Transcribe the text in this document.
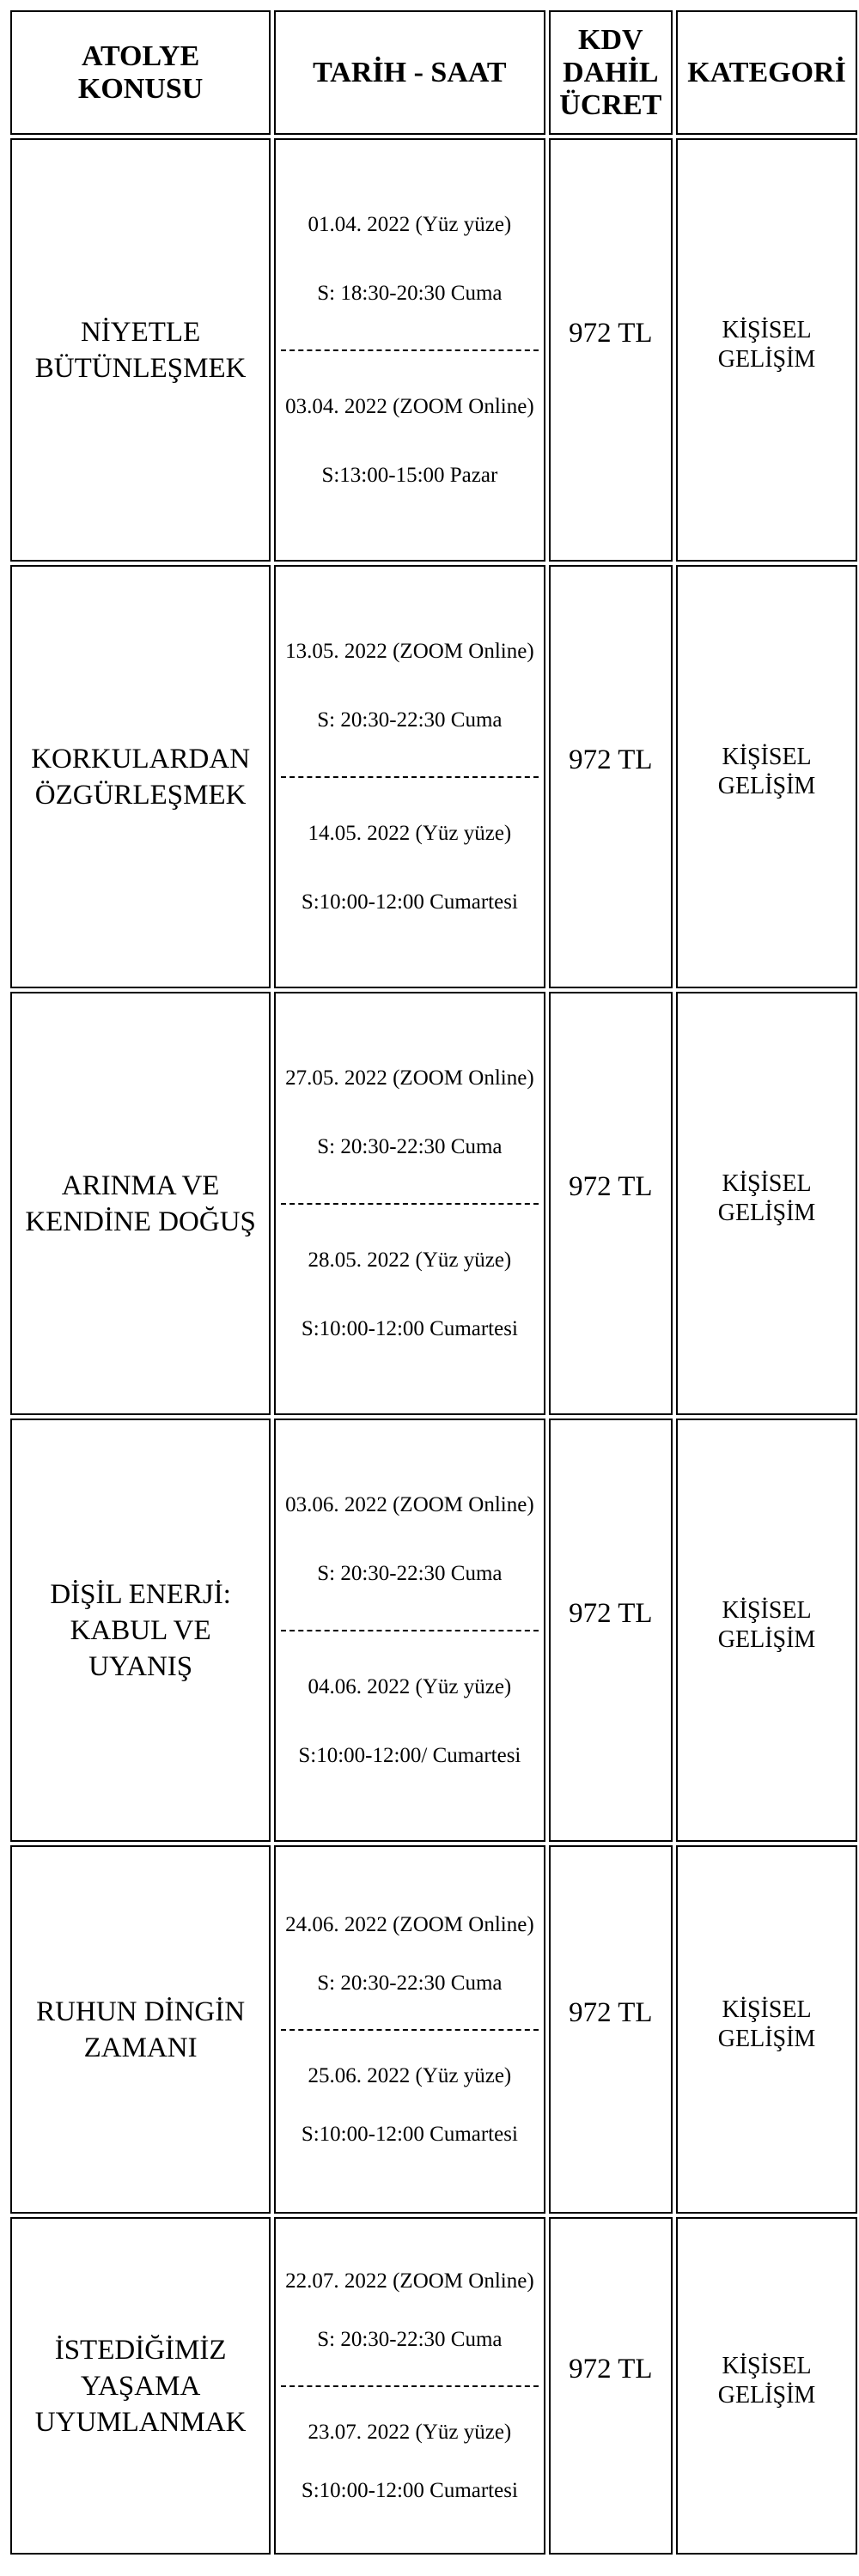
ATOLYE
KONUSU	TARİH - SAAT	KDV
DAHİL
ÜCRET	KATEGORİ

NİYETLE
BÜTÜNLEŞMEK	01.04. 2022 (Yüz yüze)
S: 18:30-20:30 Cuma
03.04. 2022 (ZOOM Online)
S:13:00-15:00 Pazar	972 TL	KİŞİSEL
GELİŞİM

KORKULARDAN
ÖZGÜRLEŞMEK	13.05. 2022 (ZOOM Online)
S: 20:30-22:30 Cuma
14.05. 2022 (Yüz yüze)
S:10:00-12:00 Cumartesi	972 TL	KİŞİSEL
GELİŞİM

ARINMA VE
KENDİNE DOĞUŞ	27.05. 2022 (ZOOM Online)
S: 20:30-22:30 Cuma
28.05. 2022 (Yüz yüze)
S:10:00-12:00 Cumartesi	972 TL	KİŞİSEL
GELİŞİM

DİŞİL ENERJİ:
KABUL VE
UYANIŞ	03.06. 2022 (ZOOM Online)
S: 20:30-22:30 Cuma
04.06. 2022 (Yüz yüze)
S:10:00-12:00/ Cumartesi	972 TL	KİŞİSEL
GELİŞİM

RUHUN DİNGİN
ZAMANI	24.06. 2022 (ZOOM Online)
S: 20:30-22:30 Cuma
25.06. 2022 (Yüz yüze)
S:10:00-12:00 Cumartesi	972 TL	KİŞİSEL
GELİŞİM

İSTEDİĞİMİZ
YAŞAMA
UYUMLANMAK	22.07. 2022 (ZOOM Online)
S: 20:30-22:30 Cuma
23.07. 2022 (Yüz yüze)
S:10:00-12:00 Cumartesi	972 TL	KİŞİSEL
GELİŞİM
